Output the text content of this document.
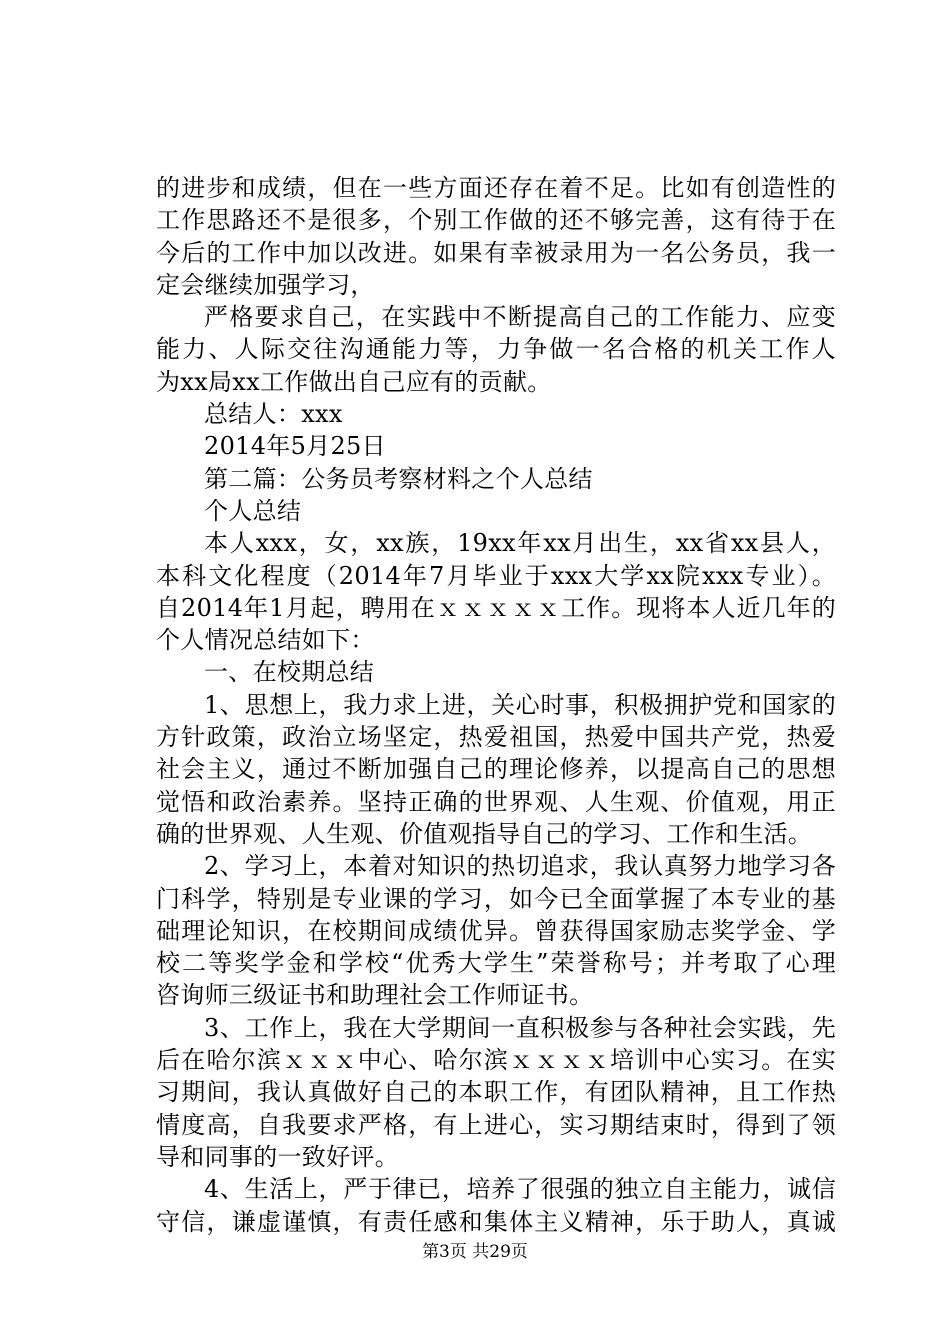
的进步和成绩，但在一些方面还存在着不足。比如有创造性的
工作思路还不是很多，个别工作做的还不够完善，这有待于在
今后的工作中加以改进。如果有幸被录用为一名公务员，我一
定会继续加强学习，
严格要求自己，在实践中不断提高自己的工作能力、应变
能力、人际交往沟通能力等，力争做一名合格的机关工作人
为xx局xx工作做出自己应有的贡献。
总结人：xxx
2014年5月25日
第二篇：公务员考察材料之个人总结
个人总结
本人xxx，女，xx族，19xx年xx月出生，xx省xx县人，
本科文化程度（2014年7月毕业于xxx大学xx院xxx专业）。
自2014年1月起，聘用在ｘｘｘｘｘ工作。现将本人近几年的
个人情况总结如下：
一、在校期总结
1、思想上，我力求上进，关心时事，积极拥护党和国家的
方针政策，政治立场坚定，热爱祖国，热爱中国共产党，热爱
社会主义，通过不断加强自己的理论修养，以提高自己的思想
觉悟和政治素养。坚持正确的世界观、人生观、价值观，用正
确的世界观、人生观、价值观指导自己的学习、工作和生活。
2、学习上，本着对知识的热切追求，我认真努力地学习各
门科学，特别是专业课的学习，如今已全面掌握了本专业的基
础理论知识，在校期间成绩优异。曾获得国家励志奖学金、学
校二等奖学金和学校“优秀大学生”荣誉称号；并考取了心理
咨询师三级证书和助理社会工作师证书。
3、工作上，我在大学期间一直积极参与各种社会实践，先
后在哈尔滨ｘｘｘ中心、哈尔滨ｘｘｘｘ培训中心实习。在实
习期间，我认真做好自己的本职工作，有团队精神，且工作热
情度高，自我要求严格，有上进心，实习期结束时，得到了领
导和同事的一致好评。
4、生活上，严于律已，培养了很强的独立自主能力，诚信
守信，谦虚谨慎，有责任感和集体主义精神，乐于助人，真诚
第3页 共29页
